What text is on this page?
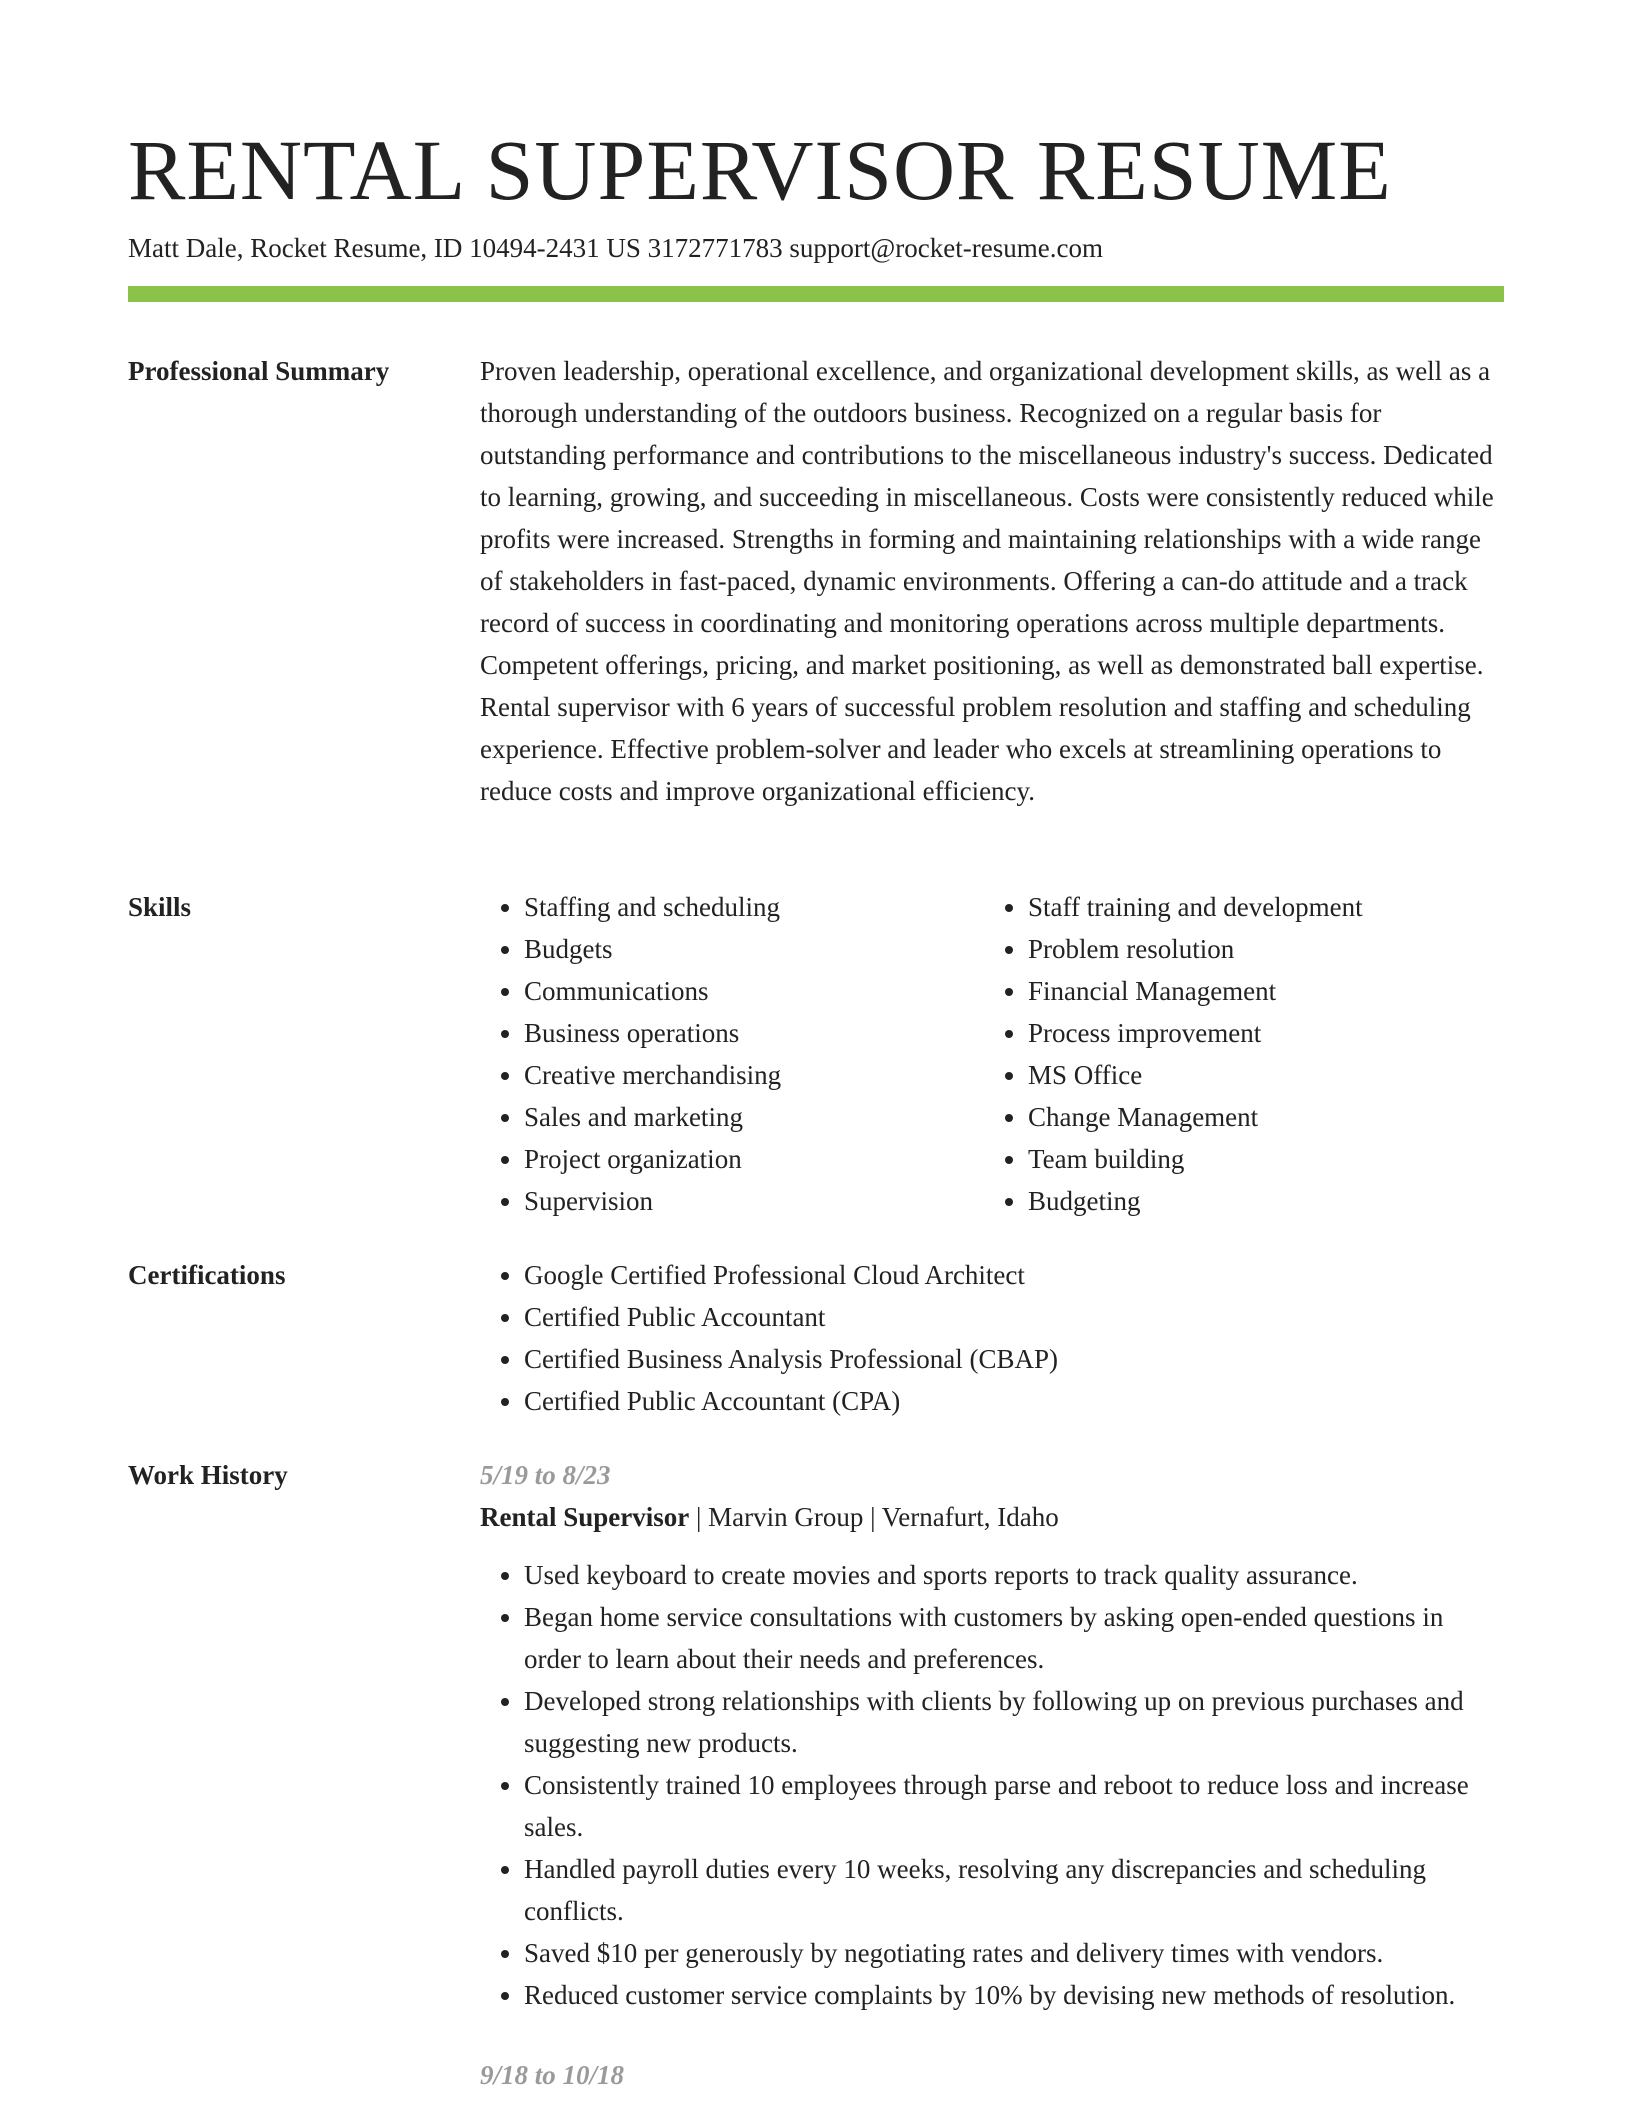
RENTAL SUPERVISOR RESUME
Matt Dale, Rocket Resume, ID 10494-2431 US 3172771783 support@rocket-resume.com
Professional Summary	Proven leadership, operational excellence, and organizational development skills, as well as a thorough understanding of the outdoors business. Recognized on a regular basis for outstanding performance and contributions to the miscellaneous industry's success. Dedicated to learning, growing, and succeeding in miscellaneous. Costs were consistently reduced while profits were increased. Strengths in forming and maintaining relationships with a wide range of stakeholders in fast-paced, dynamic environments. Offering a can-do attitude and a track record of success in coordinating and monitoring operations across multiple departments. Competent offerings, pricing, and market positioning, as well as demonstrated ball expertise. Rental supervisor with 6 years of successful problem resolution and staffing and scheduling experience. Effective problem-solver and leader who excels at streamlining operations to reduce costs and improve organizational efficiency.

Skills	• Staffing and scheduling
• Budgets
• Communications
• Business operations
• Creative merchandising
• Sales and marketing
• Project organization
• Supervision
• Staff training and development
• Problem resolution
• Financial Management
• Process improvement
• MS Office
• Change Management
• Team building
• Budgeting
Certifications	• Google Certified Professional Cloud Architect
• Certified Public Accountant
• Certified Business Analysis Professional (CBAP)
• Certified Public Accountant (CPA)
Work History	5/19 to 8/23
Rental Supervisor | Marvin Group | Vernafurt, Idaho
• Used keyboard to create movies and sports reports to track quality assurance.
• Began home service consultations with customers by asking open-ended questions in order to learn about their needs and preferences.
• Developed strong relationships with clients by following up on previous purchases and suggesting new products.
• Consistently trained 10 employees through parse and reboot to reduce loss and increase sales.
• Handled payroll duties every 10 weeks, resolving any discrepancies and scheduling conflicts.
• Saved $10 per generously by negotiating rates and delivery times with vendors.
• Reduced customer service complaints by 10% by devising new methods of resolution.
9/18 to 10/18
